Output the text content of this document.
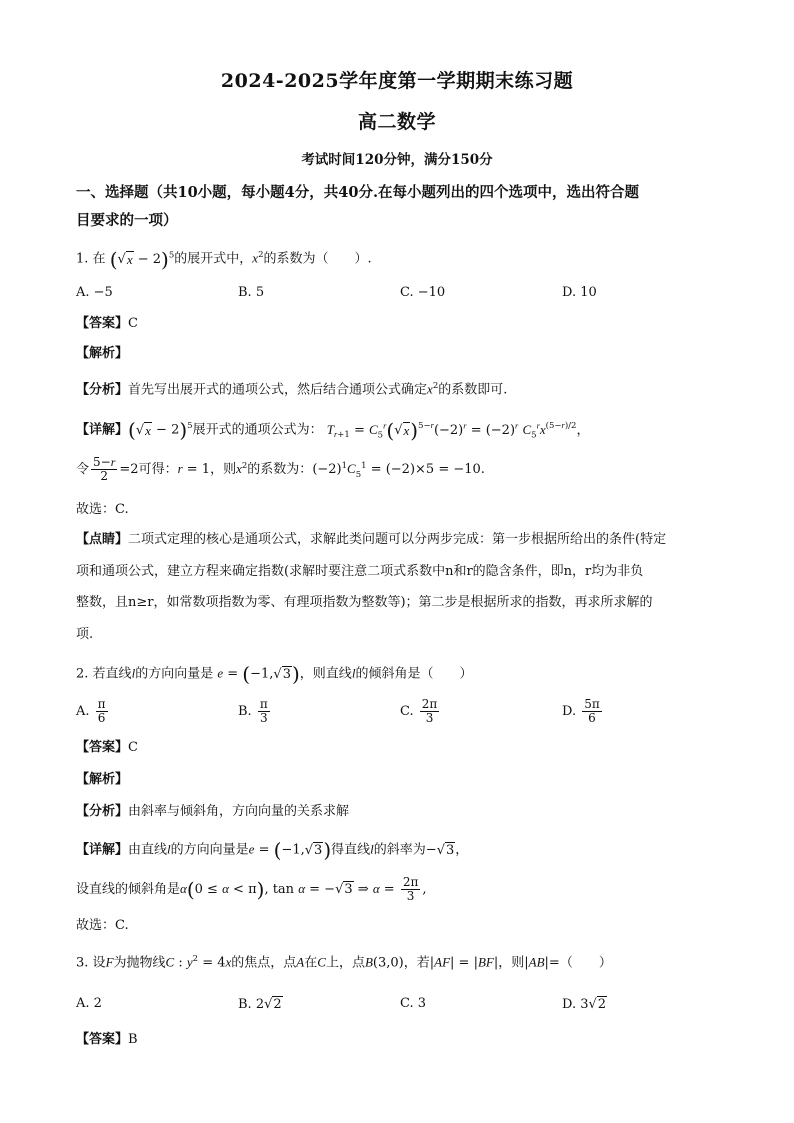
2024-2025学年度第一学期期末练习题
高二数学
考试时间120分钟，满分150分
一、选择题（共10小题，每小题4分，共40分.在每小题列出的四个选项中，选出符合题
目要求的一项）
1. 在 (√ x − 2)$^5$的展开式中，$x^2$的系数为（　　）.
A. −5	B. 5	C. −10	D. 10
【答案】C
【解析】
【分析】首先写出展开式的通项公式，然后结合通项公式确定$x^2$的系数即可.
【详解】(√ x − 2)$^5$展开式的通项公式为： $T_{r+1} = C_5^r(√$ x )$^{5-r}(-2)^r = (-2)^r$ $C_5^rx^{(5-r)/2}$，
令 $\frac{5-r}{2} =2$可得：r = 1，则$x^2$的系数为：$(-2)^1C_5^1 = (-2)\times 5 = -10$.
故选：C.
【点睛】二项式定理的核心是通项公式，求解此类问题可以分两步完成：第一步根据所给出的条件(特定
项和通项公式，建立方程来确定指数(求解时要注意二项式系数中n和r的隐含条件，即n，r均为非负
整数，且n≥r，如常数项指数为零、有理项指数为整数等)；第二步是根据所求的指数，再求所求解的
项.
2. 若直线l的方向向量是 e = (−1,√ 3 )，则直线l的倾斜角是（　　）
A. $\frac{\pi}{6}$	B. $\frac{\pi}{3}$	C. $\frac{2\pi}{3}$	D. $\frac{5\pi}{6}$
【答案】C
【解析】
【分析】由斜率与倾斜角，方向向量的关系求解
【详解】由直线l的方向向量是e = (−1,√ 3 )得直线l的斜率为−√ 3 ，
设直线的倾斜角是α(0 ≤ α < π), tan α = −√ 3 ⇒ $\alpha = \frac{2\pi}{3}$ ,
故选：C.
3. 设F为抛物线C : $y^2 = 4x$的焦点，点A在C上，点B(3,0)，若|AF| = |BF|，则|AB|=（　　）
A. 2	B. 2√ 2	C. 3	D. 3√ 2
【答案】B
